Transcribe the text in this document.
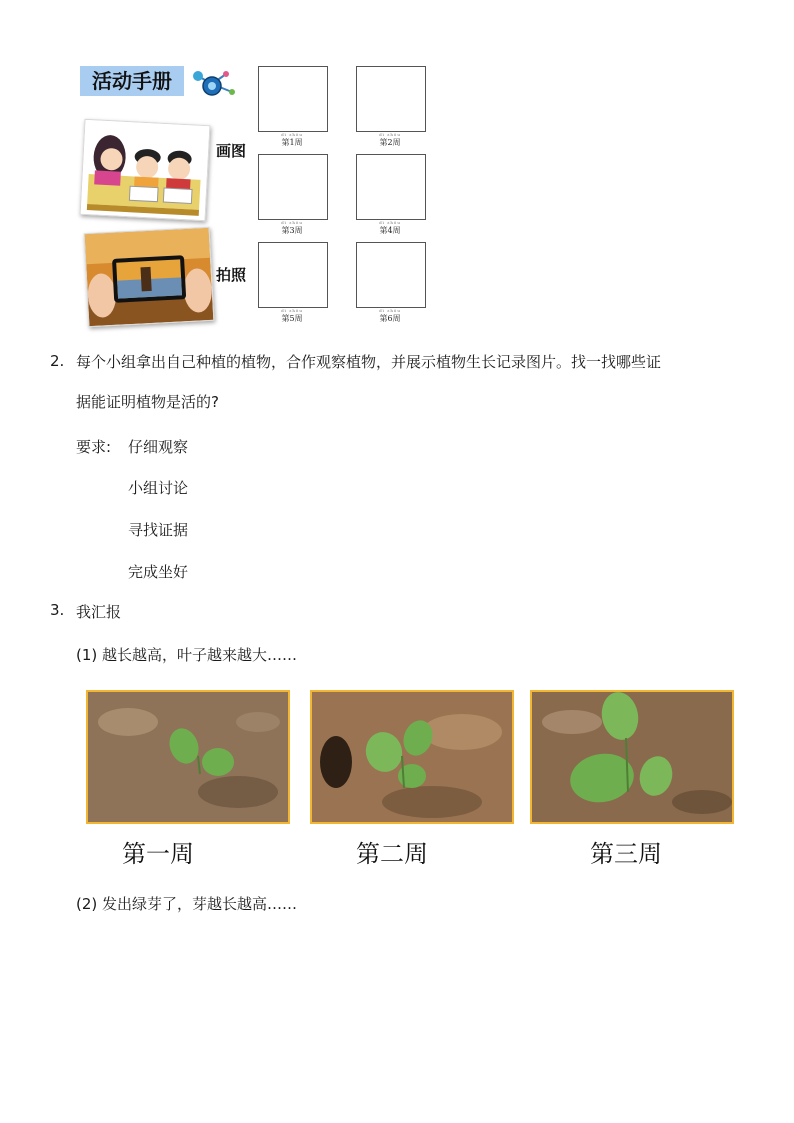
活动手册
画图
拍照
dì zhōu
第1周
dì zhōu
第2周
dì zhōu
第3周
dì zhōu
第4周
dì zhōu
第5周
dì zhōu
第6周
2. 每个小组拿出自己种植的植物，合作观察植物，并展示植物生长记录图片。找一找哪些证
据能证明植物是活的?
要求: 仔细观察
小组讨论
寻找证据
完成坐好
3. 我汇报
(1) 越长越高，叶子越来越大……
第一周	第二周	第三周
(2) 发出绿芽了，芽越长越高……
